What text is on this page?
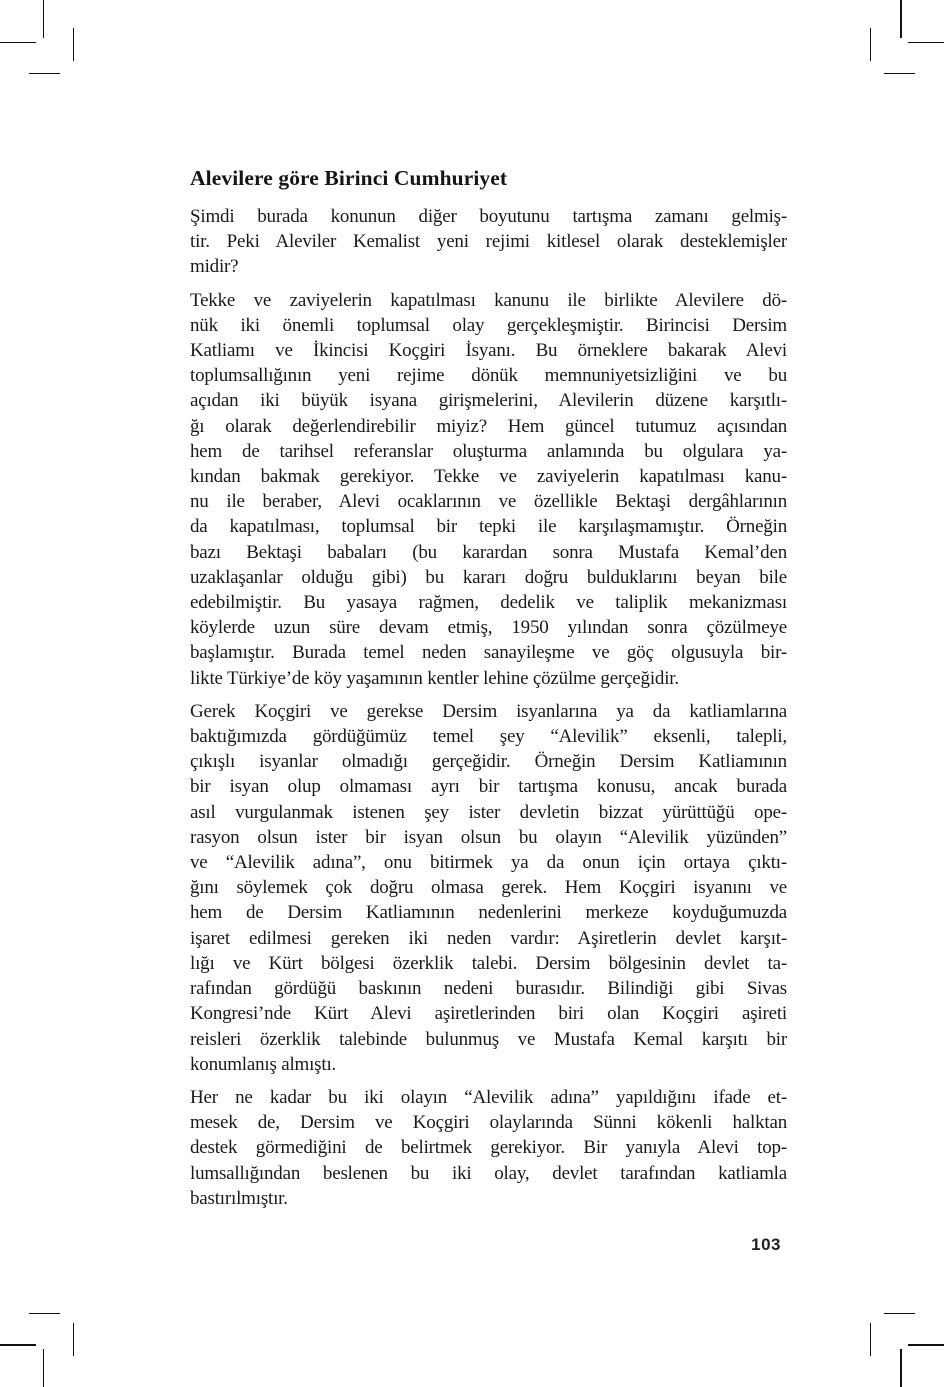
Alevilere göre Birinci Cumhuriyet
Şimdi burada konunun diğer boyutunu tartışma zamanı gelmiş-
tir. Peki Aleviler Kemalist yeni rejimi kitlesel olarak desteklemişler
midir?
Tekke ve zaviyelerin kapatılması kanunu ile birlikte Alevilere dö-
nük iki önemli toplumsal olay gerçekleşmiştir. Birincisi Dersim
Katliamı ve İkincisi Koçgiri İsyanı. Bu örneklere bakarak Alevi
toplumsallığının yeni rejime dönük memnuniyetsizliğini ve bu
açıdan iki büyük isyana girişmelerini, Alevilerin düzene karşıtlı-
ğı olarak değerlendirebilir miyiz? Hem güncel tutumuz açısından
hem de tarihsel referanslar oluşturma anlamında bu olgulara ya-
kından bakmak gerekiyor. Tekke ve zaviyelerin kapatılması kanu-
nu ile beraber, Alevi ocaklarının ve özellikle Bektaşi dergâhlarının
da kapatılması, toplumsal bir tepki ile karşılaşmamıştır. Örneğin
bazı Bektaşi babaları (bu karardan sonra Mustafa Kemal’den
uzaklaşanlar olduğu gibi) bu kararı doğru bulduklarını beyan bile
edebilmiştir. Bu yasaya rağmen, dedelik ve taliplik mekanizması
köylerde uzun süre devam etmiş, 1950 yılından sonra çözülmeye
başlamıştır. Burada temel neden sanayileşme ve göç olgusuyla bir-
likte Türkiye’de köy yaşamının kentler lehine çözülme gerçeğidir.
Gerek Koçgiri ve gerekse Dersim isyanlarına ya da katliamlarına
baktığımızda gördüğümüz temel şey “Alevilik” eksenli, talepli,
çıkışlı isyanlar olmadığı gerçeğidir. Örneğin Dersim Katliamının
bir isyan olup olmaması ayrı bir tartışma konusu, ancak burada
asıl vurgulanmak istenen şey ister devletin bizzat yürüttüğü ope-
rasyon olsun ister bir isyan olsun bu olayın “Alevilik yüzünden”
ve “Alevilik adına”, onu bitirmek ya da onun için ortaya çıktı-
ğını söylemek çok doğru olmasa gerek. Hem Koçgiri isyanını ve
hem de Dersim Katliamının nedenlerini merkeze koyduğumuzda
işaret edilmesi gereken iki neden vardır: Aşiretlerin devlet karşıt-
lığı ve Kürt bölgesi özerklik talebi. Dersim bölgesinin devlet ta-
rafından gördüğü baskının nedeni burasıdır. Bilindiği gibi Sivas
Kongresi’nde Kürt Alevi aşiretlerinden biri olan Koçgiri aşireti
reisleri özerklik talebinde bulunmuş ve Mustafa Kemal karşıtı bir
konumlanış almıştı.
Her ne kadar bu iki olayın “Alevilik adına” yapıldığını ifade et-
mesek de, Dersim ve Koçgiri olaylarında Sünni kökenli halktan
destek görmediğini de belirtmek gerekiyor. Bir yanıyla Alevi top-
lumsallığından beslenen bu iki olay, devlet tarafından katliamla
bastırılmıştır.
103
